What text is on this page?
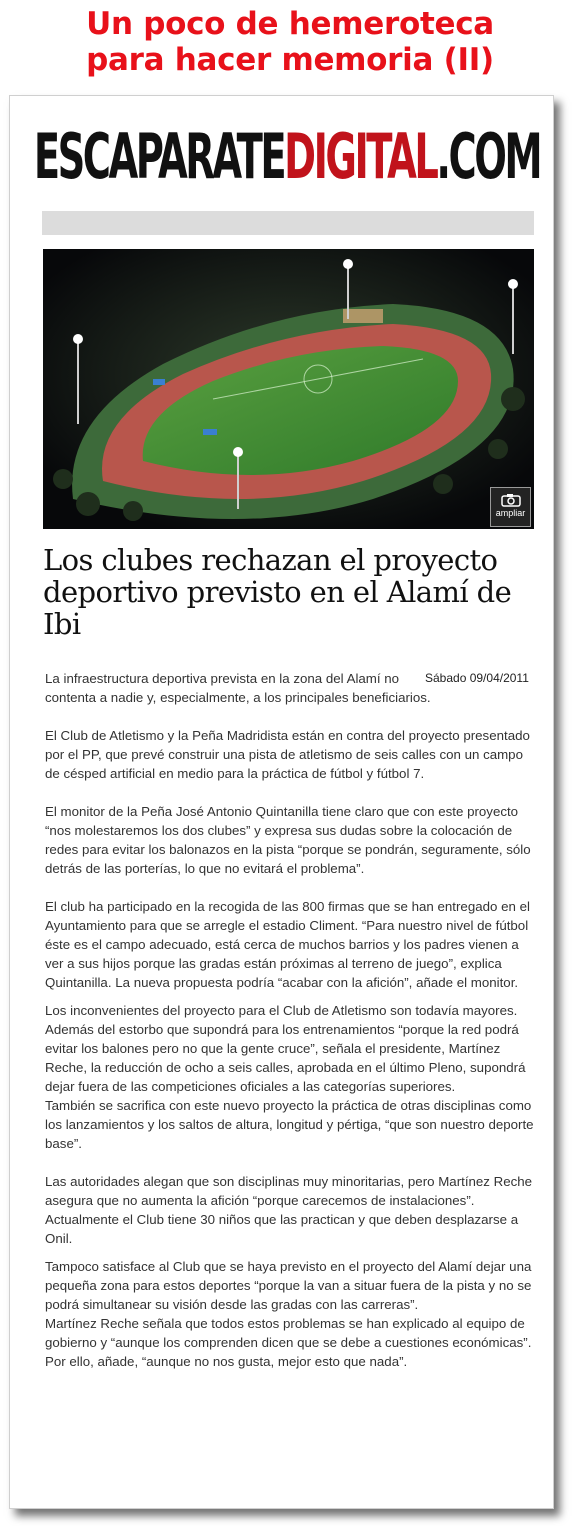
Un poco de hemeroteca
para hacer memoria (II)
ESCAPARATE DIGITAL .COM
ampliar
Los clubes rechazan el proyecto deportivo previsto en el Alamí de Ibi
Sábado 09/04/2011

La infraestructura deportiva prevista en la zona del Alamí no

contenta a nadie y, especialmente, a los principales beneficiarios.

El Club de Atletismo y la Peña Madridista están en contra del proyecto presentado por el PP, que prevé construir una pista de atletismo de seis calles con un campo de césped artificial en medio para la práctica de fútbol y fútbol 7.

El monitor de la Peña José Antonio Quintanilla tiene claro que con este proyecto “nos molestaremos los dos clubes” y expresa sus dudas sobre la colocación de redes para evitar los balonazos en la pista “porque se pondrán, seguramente, sólo detrás de las porterías, lo que no evitará el problema”.

El club ha participado en la recogida de las 800 firmas que se han entregado en el Ayuntamiento para que se arregle el estadio Climent. “Para nuestro nivel de fútbol éste es el campo adecuado, está cerca de muchos barrios y los padres vienen a ver a sus hijos porque las gradas están próximas al terreno de juego”, explica Quintanilla. La nueva propuesta podría “acabar con la afición”, añade el monitor.

Los inconvenientes del proyecto para el Club de Atletismo son todavía mayores. Además del estorbo que supondrá para los entrenamientos “porque la red podrá evitar los balones pero no que la gente cruce”, señala el presidente, Martínez Reche, la reducción de ocho a seis calles, aprobada en el último Pleno, supondrá dejar fuera de las competiciones oficiales a las categorías superiores.

También se sacrifica con este nuevo proyecto la práctica de otras disciplinas como los lanzamientos y los saltos de altura, longitud y pértiga, “que son nuestro deporte base”.

Las autoridades alegan que son disciplinas muy minoritarias, pero Martínez Reche asegura que no aumenta la afición “porque carecemos de instalaciones”. Actualmente el Club tiene 30 niños que las practican y que deben desplazarse a Onil.

Tampoco satisface al Club que se haya previsto en el proyecto del Alamí dejar una pequeña zona para estos deportes “porque la van a situar fuera de la pista y no se podrá simultanear su visión desde las gradas con las carreras”.

Martínez Reche señala que todos estos problemas se han explicado al equipo de gobierno y “aunque los comprenden dicen que se debe a cuestiones económicas”. Por ello, añade, “aunque no nos gusta, mejor esto que nada”.
